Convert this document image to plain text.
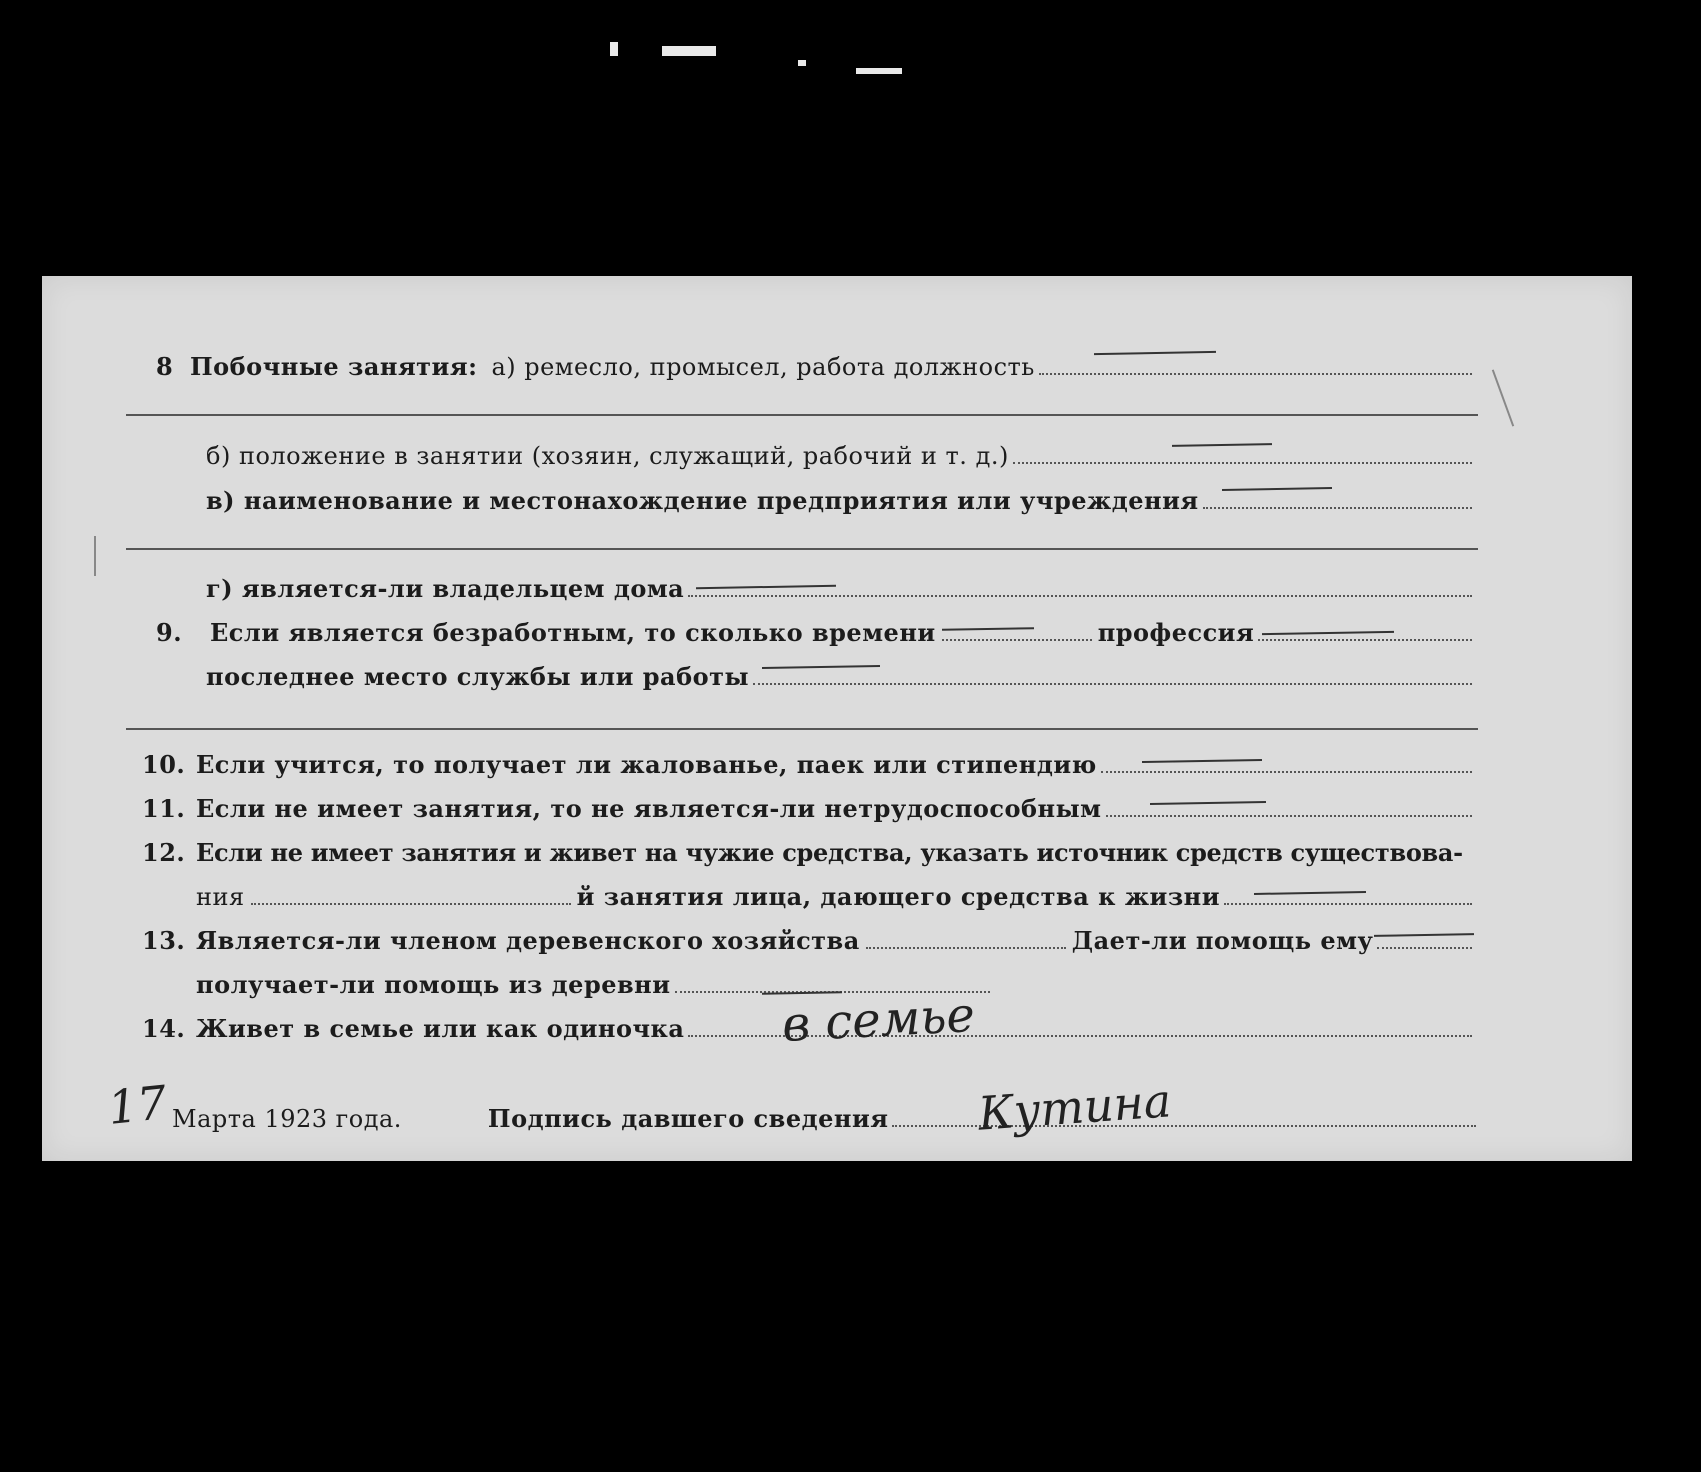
8 Побочные занятия: а) ремесло, промысел, работа должность
б) положение в занятии (хозяин, служащий, рабочий и т. д.)
в) наименование и местонахождение предприятия или учреждения
г) является-ли владельцем дома
9.	Если является безработным, то сколько времени	профессия
последнее место службы или работы
10. Если учится, то получает ли жалованье, паек или стипендию
11. Если не имеет занятия, то не является-ли нетрудоспособным
12. Если не имеет занятия и живет на чужие средства, указать источник средств существова-
ния	й занятия лица, дающего средства к жизни
13. Является-ли членом деревенского хозяйства	Дает-ли помощь ему
получает-ли помощь из деревни
14. Живет в семье или как одиночка в семье
17 Марта 1923 года.	Подпись давшего сведения Кутина
